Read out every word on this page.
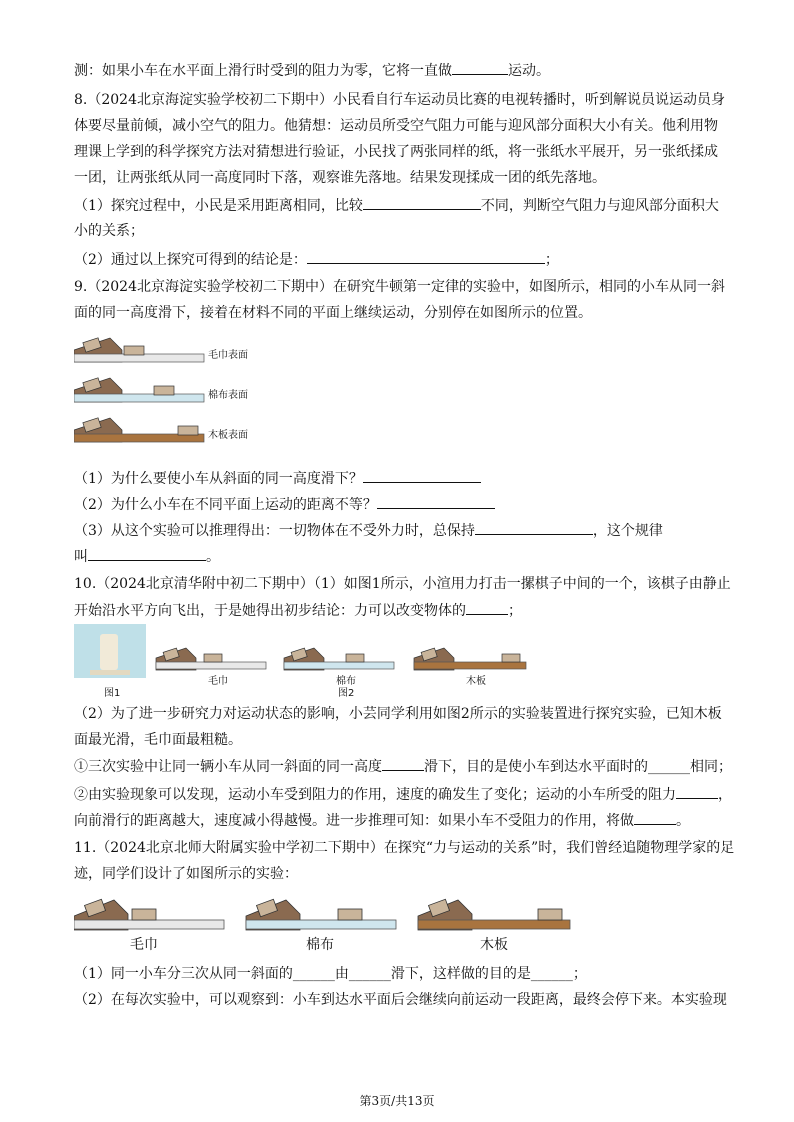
测：如果小车在水平面上滑行时受到的阻力为零，它将一直做	运动。
8.（2024北京海淀实验学校初二下期中）小民看自行车运动员比赛的电视转播时，听到解说员说运动员身
体要尽量前倾，减小空气的阻力。他猜想：运动员所受空气阻力可能与迎风部分面积大小有关。他利用物
理课上学到的科学探究方法对猜想进行验证，小民找了两张同样的纸，将一张纸水平展开，另一张纸揉成
一团，让两张纸从同一高度同时下落，观察谁先落地。结果发现揉成一团的纸先落地。
（1）探究过程中，小民是采用距离相同，比较	不同，判断空气阻力与迎风部分面积大
小的关系；
（2）通过以上探究可得到的结论是：	；
9.（2024北京海淀实验学校初二下期中）在研究牛顿第一定律的实验中，如图所示，相同的小车从同一斜
面的同一高度滑下，接着在材料不同的平面上继续运动，分别停在如图所示的位置。
（1）为什么要使小车从斜面的同一高度滑下？
（2）为什么小车在不同平面上运动的距离不等？
（3）从这个实验可以推理得出：一切物体在不受外力时，总保持	，这个规律
叫	。
10.（2024北京清华附中初二下期中）（1）如图1所示，小渲用力打击一摞棋子中间的一个，该棋子由静止
开始沿水平方向飞出，于是她得出初步结论：力可以改变物体的	；
（2）为了进一步研究力对运动状态的影响，小芸同学利用如图2所示的实验装置进行探究实验，已知木板
面最光滑，毛巾面最粗糙。
①三次实验中让同一辆小车从同一斜面的同一高度	滑下，目的是使小车到达水平面时的______相同；
②由实验现象可以发现，运动小车受到阻力的作用，速度的确发生了变化；运动的小车所受的阻力	，
向前滑行的距离越大，速度减小得越慢。进一步推理可知：如果小车不受阻力的作用，将做	。
11.（2024北京北师大附属实验中学初二下期中）在探究“力与运动的关系”时，我们曾经追随物理学家的足
迹，同学们设计了如图所示的实验：
（1）同一小车分三次从同一斜面的______由______滑下，这样做的目的是______；
（2）在每次实验中，可以观察到：小车到达水平面后会继续向前运动一段距离，最终会停下来。本实验现
毛巾表面
棉布表面
木板表面
图1
毛巾	棉布
图2
木板
毛巾	棉布	木板
第3页/共13页
